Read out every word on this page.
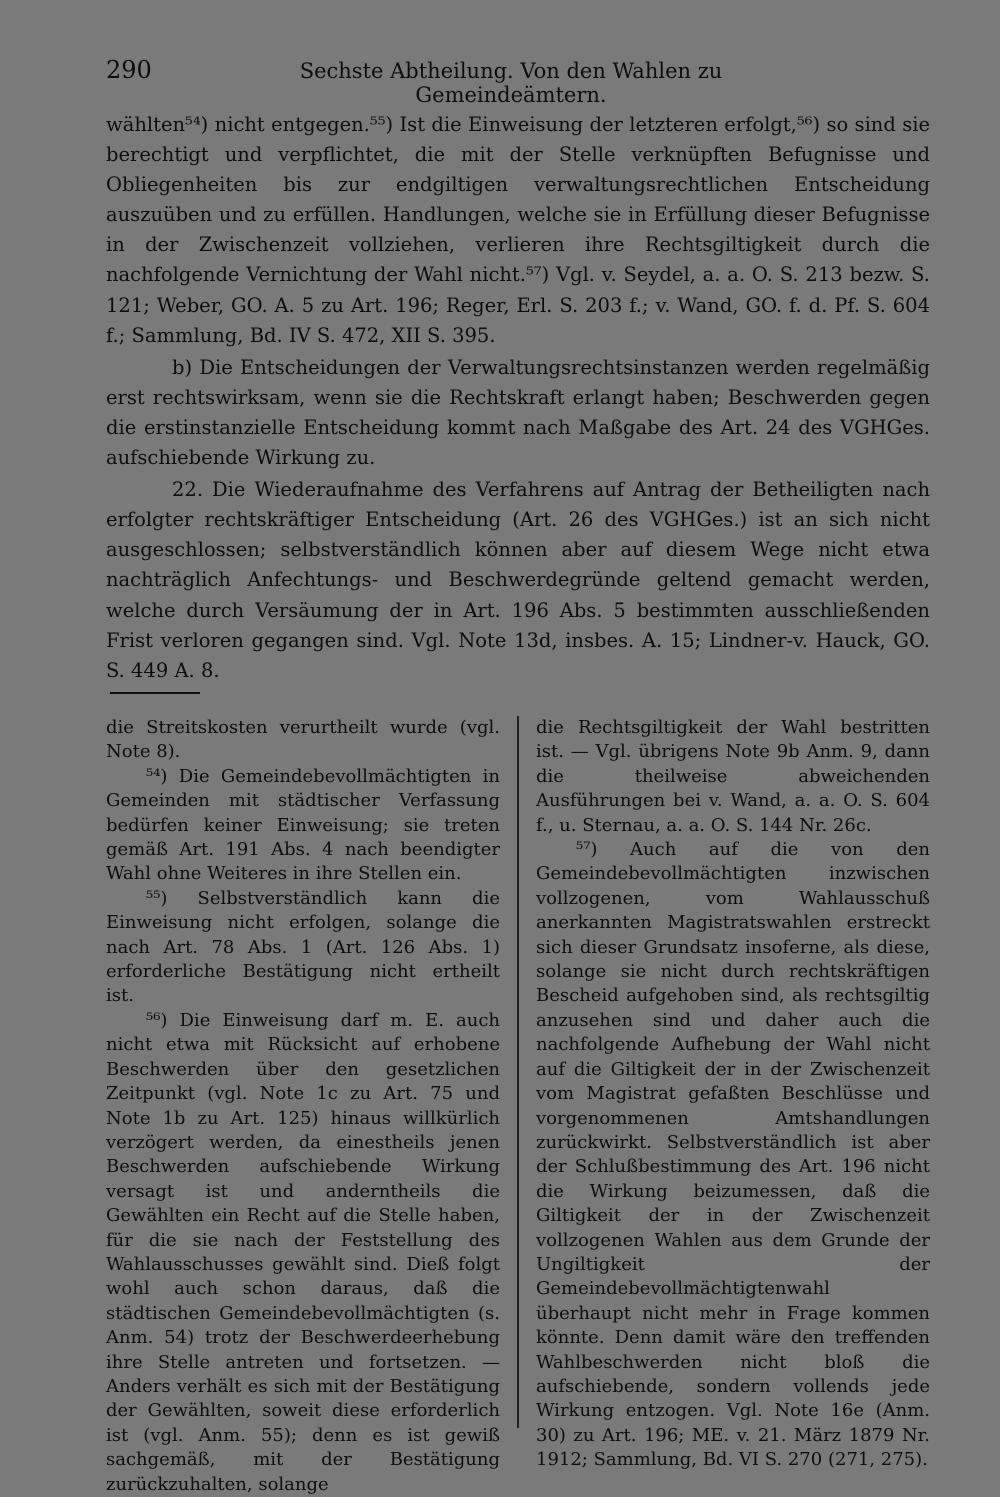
290	Sechste Abtheilung. Von den Wahlen zu Gemeindeämtern.

wählten⁵⁴) nicht entgegen.⁵⁵) Ist die Einweisung der letzteren erfolgt,⁵⁶) so sind sie berechtigt und verpflichtet, die mit der Stelle verknüpften Befugnisse und Obliegenheiten bis zur endgiltigen verwaltungsrechtlichen Entscheidung auszuüben und zu erfüllen. Handlungen, welche sie in Erfüllung dieser Befugnisse in der Zwischenzeit vollziehen, verlieren ihre Rechtsgiltigkeit durch die nachfolgende Vernichtung der Wahl nicht.⁵⁷) Vgl. v. Seydel, a. a. O. S. 213 bezw. S. 121; Weber, GO. A. 5 zu Art. 196; Reger, Erl. S. 203 f.; v. Wand, GO. f. d. Pf. S. 604 f.; Sammlung, Bd. IV S. 472, XII S. 395.

b) Die Entscheidungen der Verwaltungsrechtsinstanzen werden regelmäßig erst rechtswirksam, wenn sie die Rechtskraft erlangt haben; Beschwerden gegen die erstinstanzielle Entscheidung kommt nach Maßgabe des Art. 24 des VGHGes. aufschiebende Wirkung zu.

22. Die Wiederaufnahme des Verfahrens auf Antrag der Betheiligten nach erfolgter rechtskräftiger Entscheidung (Art. 26 des VGHGes.) ist an sich nicht ausgeschlossen; selbstverständlich können aber auf diesem Wege nicht etwa nachträglich Anfechtungs- und Beschwerdegründe geltend gemacht werden, welche durch Versäumung der in Art. 196 Abs. 5 bestimmten ausschließenden Frist verloren gegangen sind. Vgl. Note 13d, insbes. A. 15; Lindner-v. Hauck, GO. S. 449 A. 8.

die Streitskosten verurtheilt wurde (vgl. Note 8).

⁵⁴) Die Gemeindebevollmächtigten in Gemeinden mit städtischer Verfassung bedürfen keiner Einweisung; sie treten gemäß Art. 191 Abs. 4 nach beendigter Wahl ohne Weiteres in ihre Stellen ein.

⁵⁵) Selbstverständlich kann die Einweisung nicht erfolgen, solange die nach Art. 78 Abs. 1 (Art. 126 Abs. 1) erforderliche Bestätigung nicht ertheilt ist.

⁵⁶) Die Einweisung darf m. E. auch nicht etwa mit Rücksicht auf erhobene Beschwerden über den gesetzlichen Zeitpunkt (vgl. Note 1c zu Art. 75 und Note 1b zu Art. 125) hinaus willkürlich verzögert werden, da einestheils jenen Beschwerden aufschiebende Wirkung versagt ist und anderntheils die Gewählten ein Recht auf die Stelle haben, für die sie nach der Feststellung des Wahlausschusses gewählt sind. Dieß folgt wohl auch schon daraus, daß die städtischen Gemeindebevollmächtigten (s. Anm. 54) trotz der Beschwerdeerhebung ihre Stelle antreten und fortsetzen. — Anders verhält es sich mit der Bestätigung der Gewählten, soweit diese erforderlich ist (vgl. Anm. 55); denn es ist gewiß sachgemäß, mit der Bestätigung zurückzuhalten, solange

die Rechtsgiltigkeit der Wahl bestritten ist. — Vgl. übrigens Note 9b Anm. 9, dann die theilweise abweichenden Ausführungen bei v. Wand, a. a. O. S. 604 f., u. Sternau, a. a. O. S. 144 Nr. 26c.

⁵⁷) Auch auf die von den Gemeindebevollmächtigten inzwischen vollzogenen, vom Wahlausschuß anerkannten Magistratswahlen erstreckt sich dieser Grundsatz insoferne, als diese, solange sie nicht durch rechtskräftigen Bescheid aufgehoben sind, als rechtsgiltig anzusehen sind und daher auch die nachfolgende Aufhebung der Wahl nicht auf die Giltigkeit der in der Zwischenzeit vom Magistrat gefaßten Beschlüsse und vorgenommenen Amtshandlungen zurückwirkt. Selbstverständlich ist aber der Schlußbestimmung des Art. 196 nicht die Wirkung beizumessen, daß die Giltigkeit der in der Zwischenzeit vollzogenen Wahlen aus dem Grunde der Ungiltigkeit der Gemeindebevollmächtigtenwahl überhaupt nicht mehr in Frage kommen könnte. Denn damit wäre den treffenden Wahlbeschwerden nicht bloß die aufschiebende, sondern vollends jede Wirkung entzogen. Vgl. Note 16e (Anm. 30) zu Art. 196; ME. v. 21. März 1879 Nr. 1912; Sammlung, Bd. VI S. 270 (271, 275).
